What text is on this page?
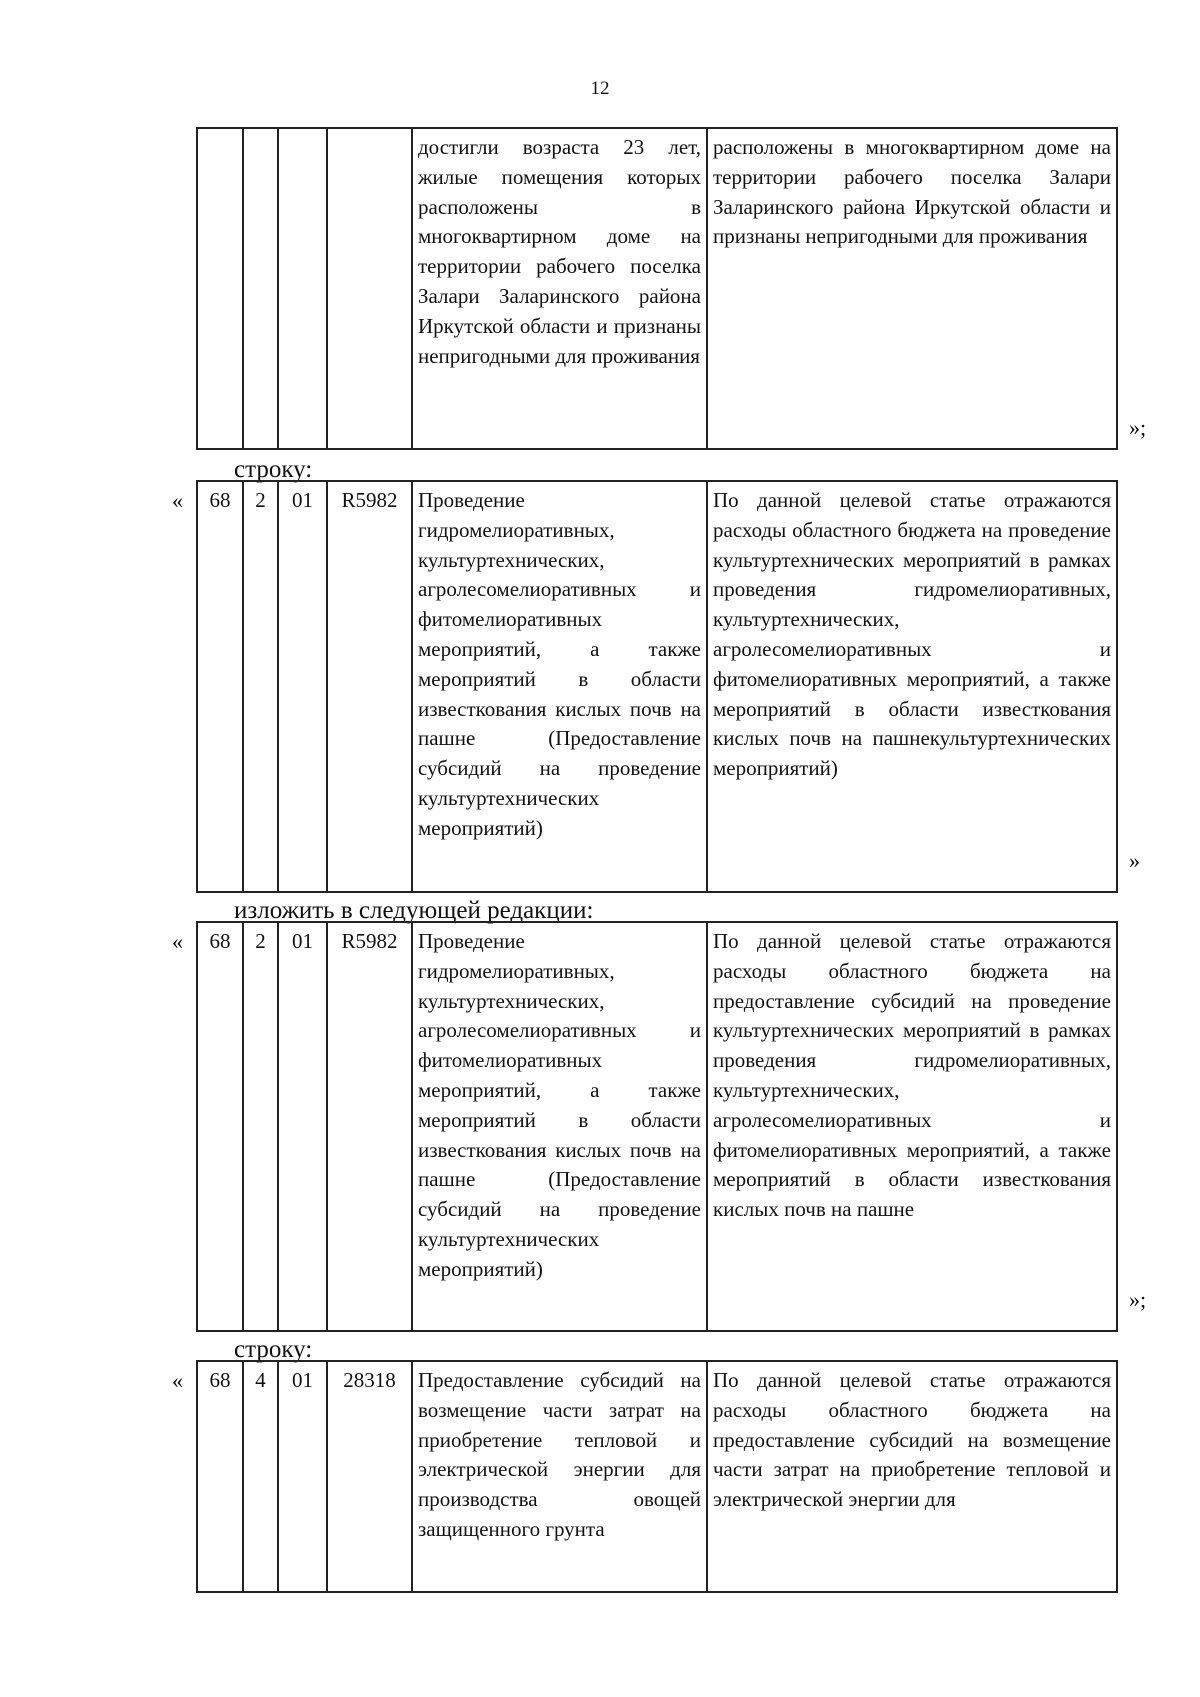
12
				достигли возраста 23 лет, жилые помещения которых расположены в многоквартирном доме на территории рабочего поселка Залари Заларинского района Иркутской области и признаны непригодными для проживания	расположены в многоквартирном доме на территории рабочего поселка Залари Заларинского района Иркутской области и признаны непригодными для проживания
»;
строку:
« 68	2	01	R5982	Проведение гидромелиоративных, культуртехнических, агролесомелиоративных и фитомелиоративных мероприятий, а также мероприятий в области известкования кислых почв на пашне (Предоставление субсидий на проведение культуртехнических мероприятий)	По данной целевой статье отражаются расходы областного бюджета на проведение культуртехнических мероприятий в рамках проведения гидромелиоративных, культуртехнических, агролесомелиоративных и фитомелиоративных мероприятий, а также мероприятий в области известкования кислых почв на пашнекультуртехнических мероприятий)
»
изложить в следующей редакции:
« 68	2	01	R5982	Проведение гидромелиоративных, культуртехнических, агролесомелиоративных и фитомелиоративных мероприятий, а также мероприятий в области известкования кислых почв на пашне (Предоставление субсидий на проведение культуртехнических мероприятий)	По данной целевой статье отражаются расходы областного бюджета на предоставление субсидий на проведение культуртехнических мероприятий в рамках проведения гидромелиоративных, культуртехнических, агролесомелиоративных и фитомелиоративных мероприятий, а также мероприятий в области известкования кислых почв на пашне
»;
строку:
« 68	4	01	28318	Предоставление субсидий на возмещение части затрат на приобретение тепловой и электрической энергии для производства овощей защищенного грунта	По данной целевой статье отражаются расходы областного бюджета на предоставление субсидий на возмещение части затрат на приобретение тепловой и электрической энергии для
